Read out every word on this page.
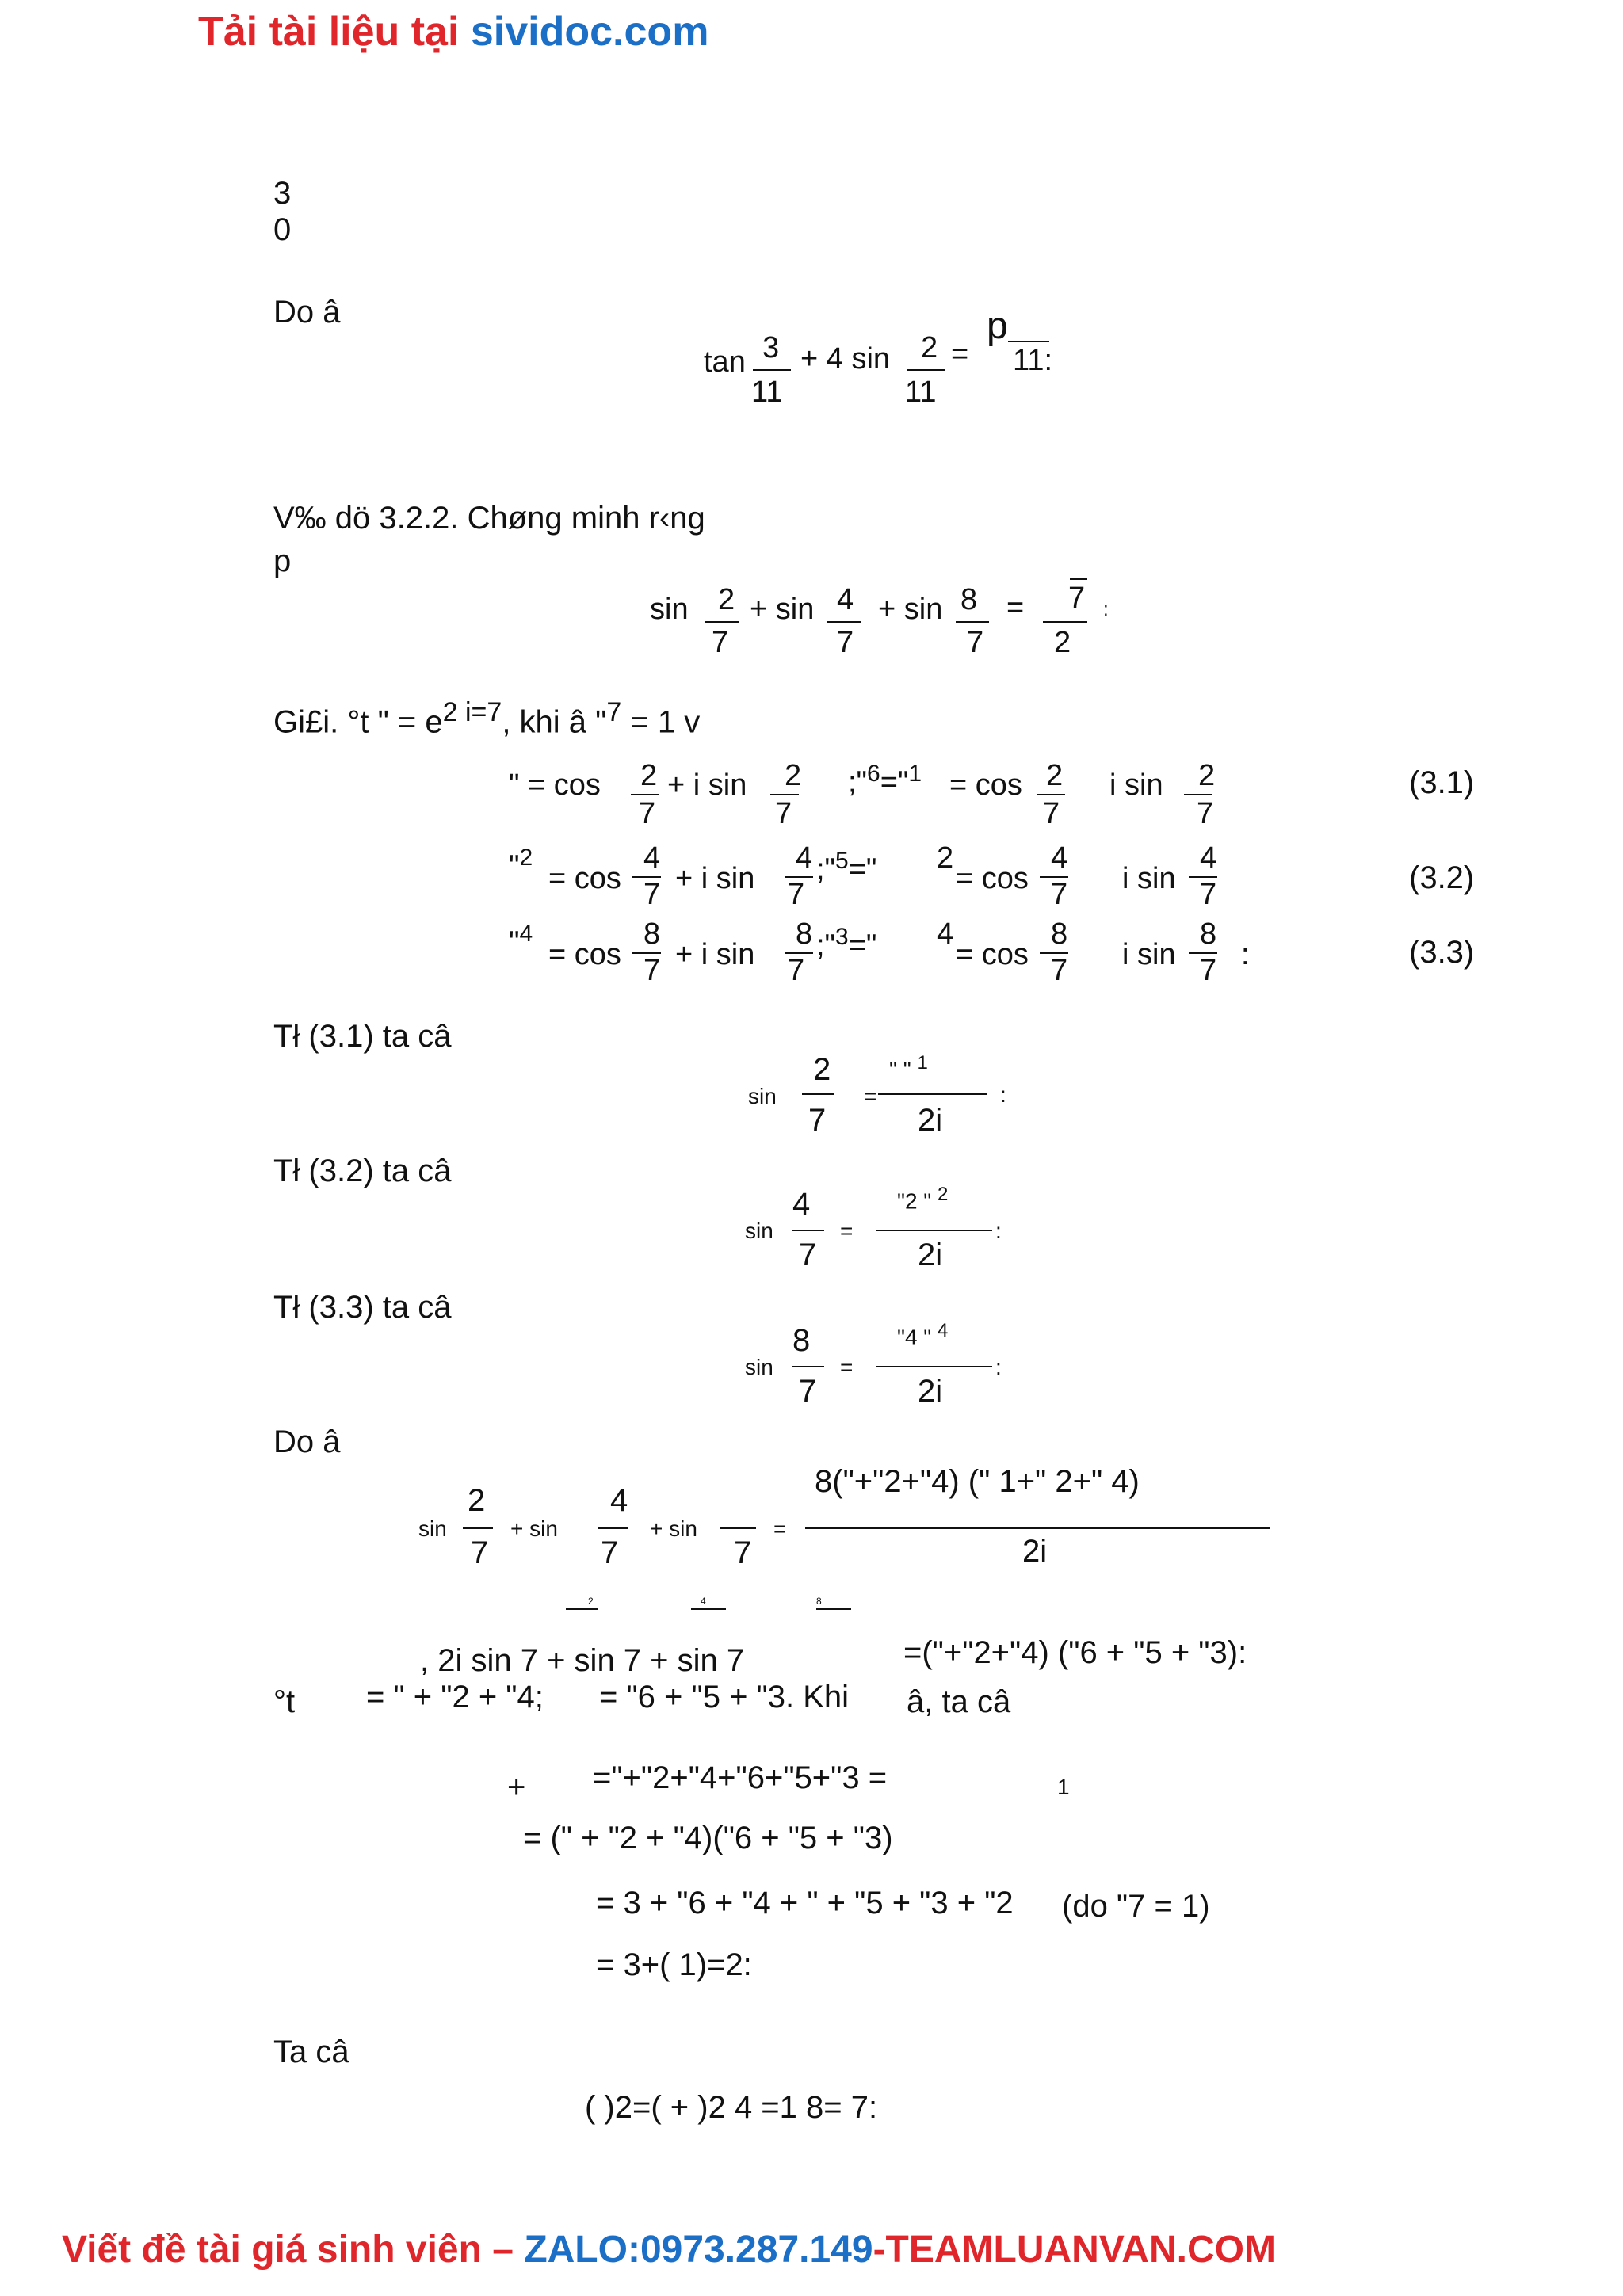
Tải tài liệu tại sividoc.com
3
0
Do â
tan 3
11
+ 4 sin 2
11
=
p
11:
V‰ dö 3.2.2. Chøng minh r‹ng
p
sin 2
7
+ sin 4
7
+ sin 8
7
= 7
2
:
Gi£i. °t " = $e^{2 i=7}$, khi â "$^7$ = 1 v
" = cos 2
7
+ i sin 2
7
;"$^6$="$^1$ = cos 2
7
i sin 2
7
(3.1)
"$^2$
= cos
4
7 + i sin
4
7
;"$^5$=" 2
= cos
4
7 i sin
4
7	(3.2)
"$^4$
= cos
8
7 + i sin
8
7
;"$^3$=" 4
= cos
8
7 i sin
8
7 :	(3.3)
Tł (3.1) ta câ
sin
2
7
=
" " $^1$
2i
:
Tł (3.2) ta câ
sin
4
7
=
"2 " $^2$
2i
:
Tł (3.3) ta câ
sin
8
7
=
"4 " $^4$
2i
:
Do â
sin
2
7
+ sin
4
7
+ sin
7
=
8("+"2+"4) (" 1+" 2+" 4)
2i
2	4	8
, 2i sin 7 + sin 7 + sin 7	=("+"2+"4) ("6 + "5 + "3):
°t = " + "2 + "4; = "6 + "5 + "3. Khi â, ta câ
+ ="+"2+"4+"6+"5+"3 =	1
= (" + "2 + "4)("6 + "5 + "3)
= 3 + "6 + "4 + " + "5 + "3 + "2 (do "7 = 1)
= 3+( 1)=2:
Ta câ
( )2=( + )2 4 =1 8= 7:
Viết đề tài giá sinh viên – ZALO:0973.287.149-TEAMLUANVAN.COM
